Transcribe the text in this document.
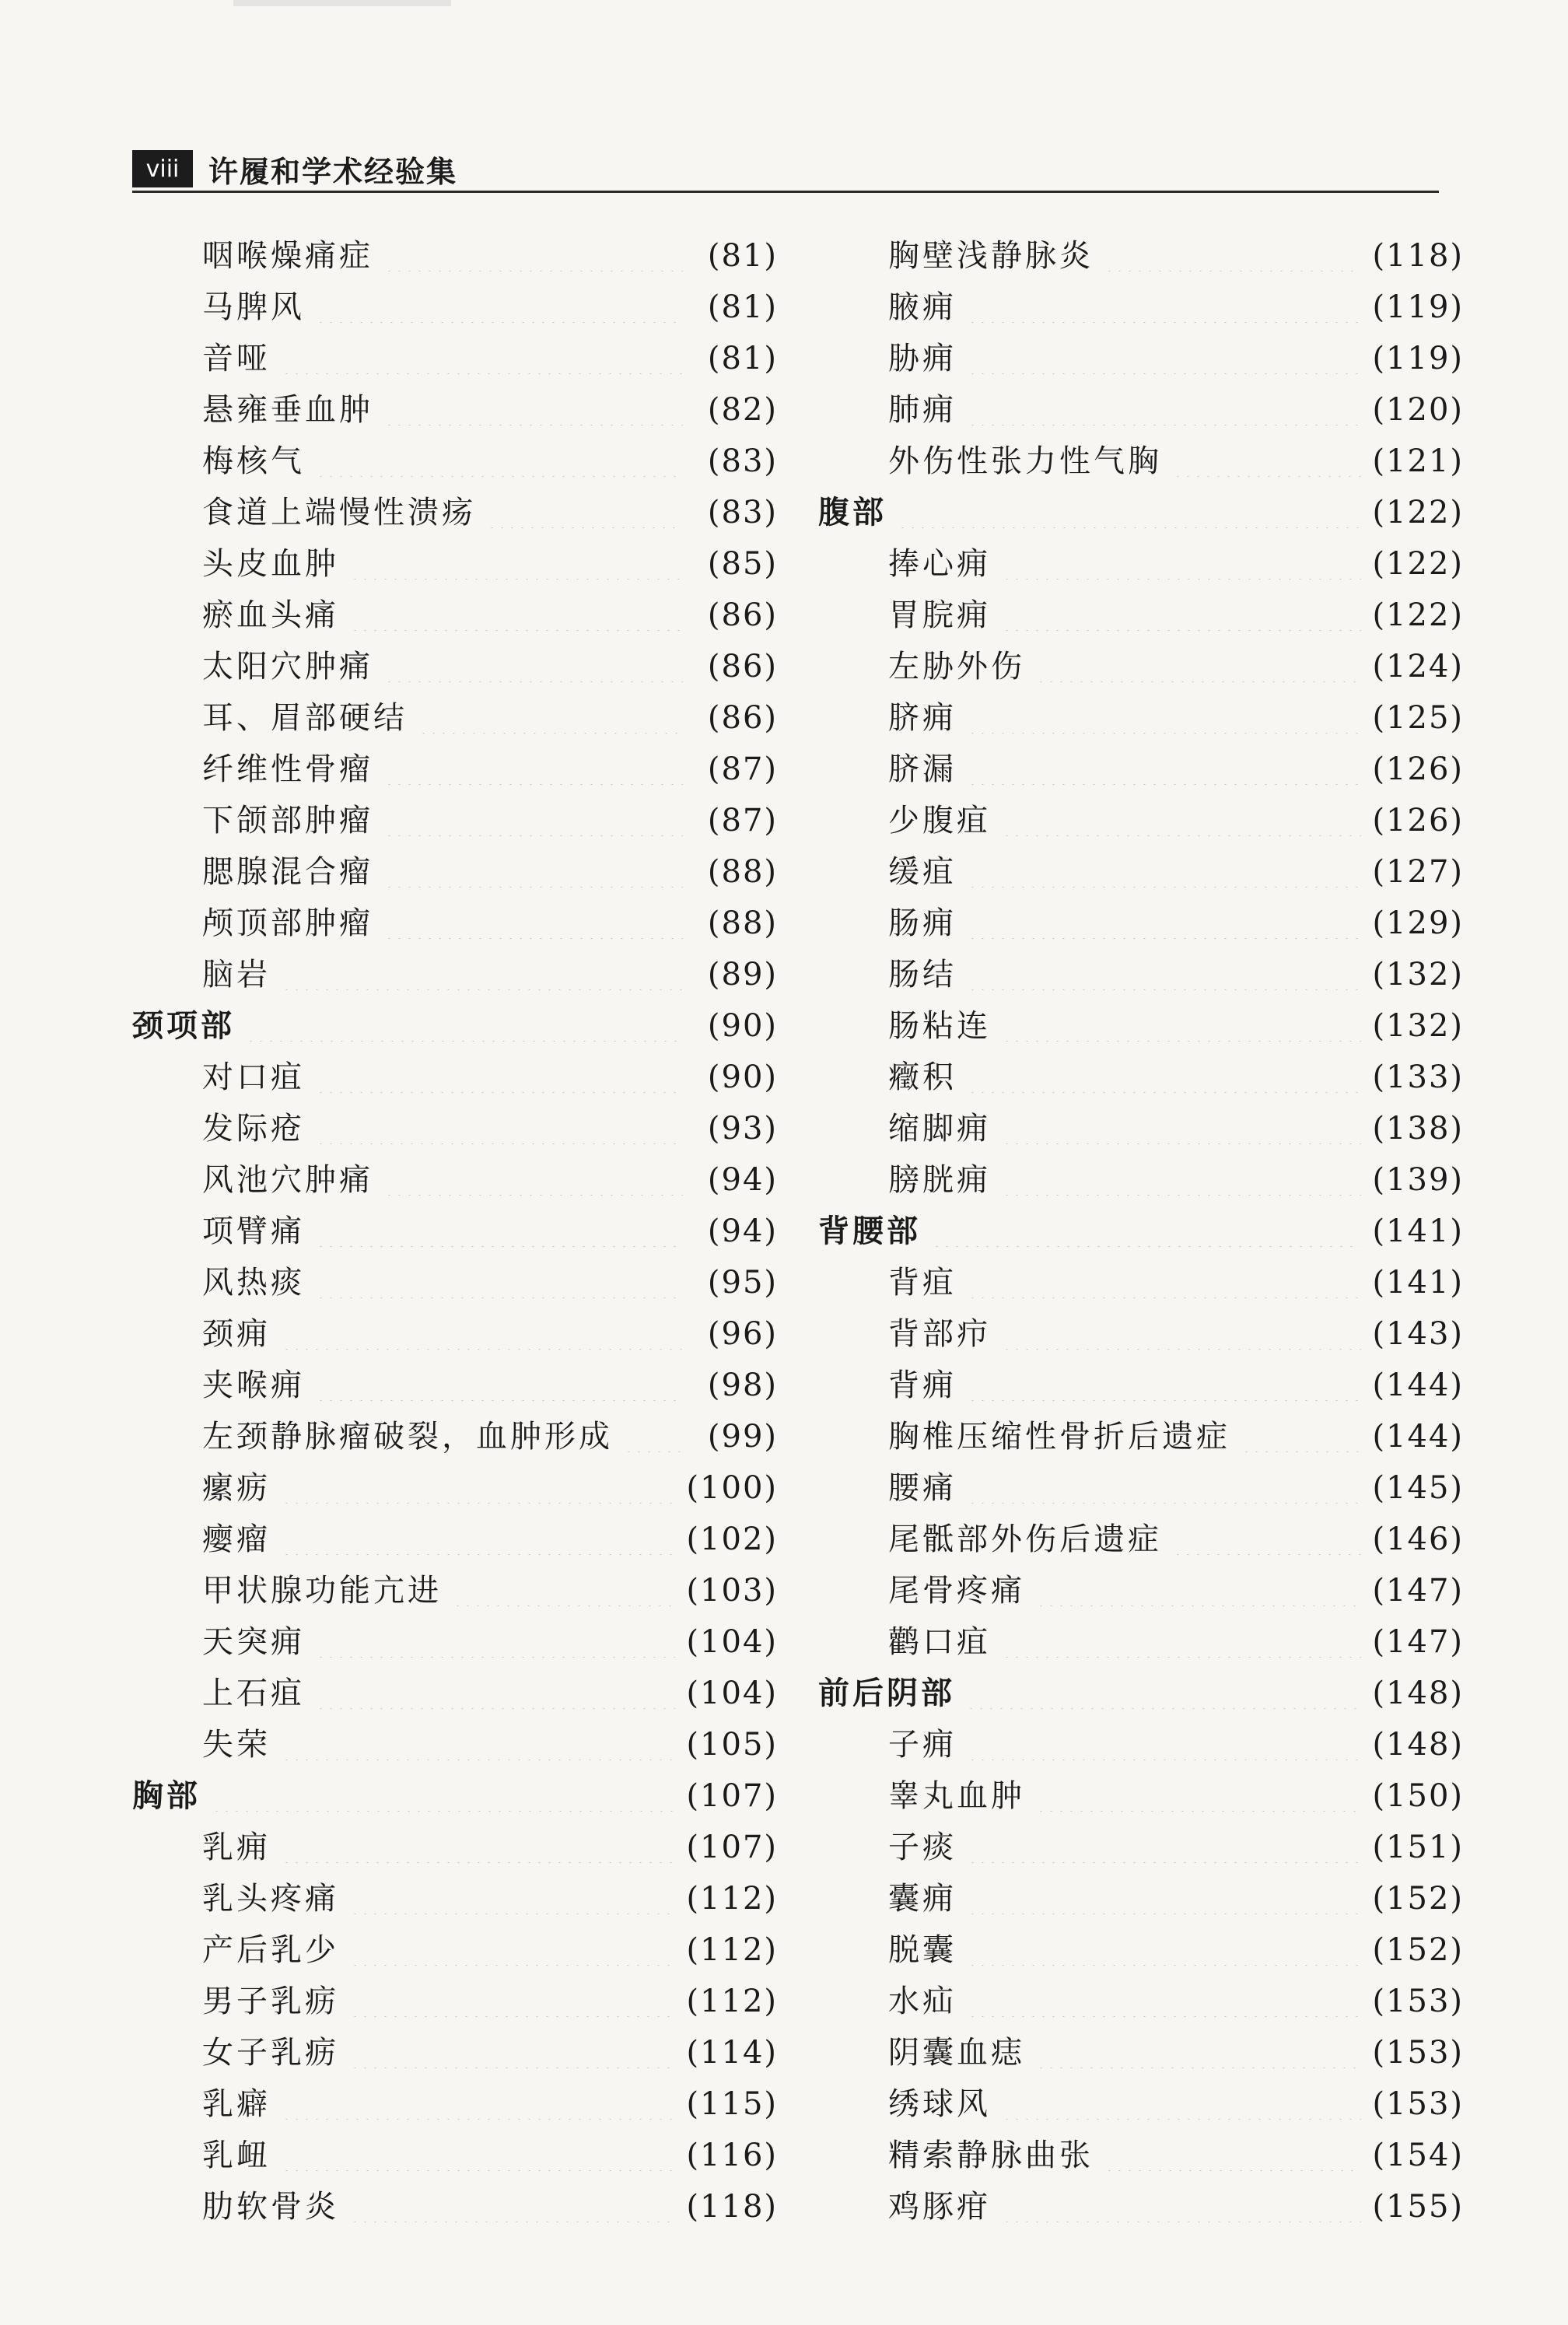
viii 许履和学术经验集
咽喉燥痛症	(81)
马脾风	(81)
音哑	(81)
悬雍垂血肿	(82)
梅核气	(83)
食道上端慢性溃疡	(83)
头皮血肿	(85)
瘀血头痛	(86)
太阳穴肿痛	(86)
耳、眉部硬结	(86)
纤维性骨瘤	(87)
下颌部肿瘤	(87)
腮腺混合瘤	(88)
颅顶部肿瘤	(88)
脑岩	(89)
颈项部	(90)
对口疽	(90)
发际疮	(93)
风池穴肿痛	(94)
项臂痛	(94)
风热痰	(95)
颈痈	(96)
夹喉痈	(98)
左颈静脉瘤破裂，血肿形成	(99)
瘰疬	(100)
瘿瘤	(102)
甲状腺功能亢进	(103)
天突痈	(104)
上石疽	(104)
失荣	(105)
胸部	(107)
乳痈	(107)
乳头疼痛	(112)
产后乳少	(112)
男子乳疬	(112)
女子乳疬	(114)
乳癖	(115)
乳衄	(116)
肋软骨炎	(118)
胸壁浅静脉炎	(118)
腋痈	(119)
胁痈	(119)
肺痈	(120)
外伤性张力性气胸	(121)
腹部	(122)
捧心痈	(122)
胃脘痈	(122)
左胁外伤	(124)
脐痈	(125)
脐漏	(126)
少腹疽	(126)
缓疽	(127)
肠痈	(129)
肠结	(132)
肠粘连	(132)
癥积	(133)
缩脚痈	(138)
膀胱痈	(139)
背腰部	(141)
背疽	(141)
背部疖	(143)
背痈	(144)
胸椎压缩性骨折后遗症	(144)
腰痛	(145)
尾骶部外伤后遗症	(146)
尾骨疼痛	(147)
鹳口疽	(147)
前后阴部	(148)
子痈	(148)
睾丸血肿	(150)
子痰	(151)
囊痈	(152)
脱囊	(152)
水疝	(153)
阴囊血痣	(153)
绣球风	(153)
精索静脉曲张	(154)
鸡豚疳	(155)
